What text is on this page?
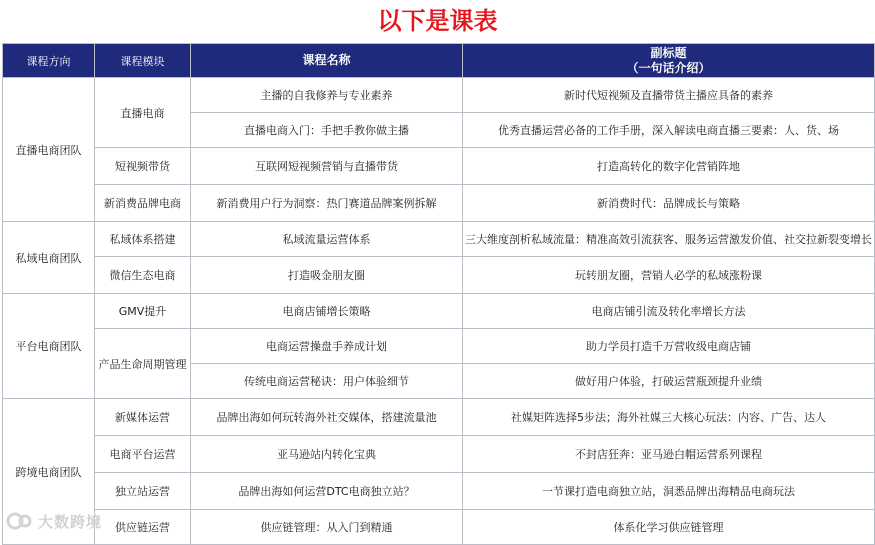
以下是课表
课程方向	课程模块	课程名称	副标题
（一句话介绍）

直播电商团队	直播电商	主播的自我修养与专业素养	新时代短视频及直播带货主播应具备的素养
		直播电商入门：手把手教你做主播	优秀直播运营必备的工作手册，深入解读电商直播三要素：人、货、场
	短视频带货	互联网短视频营销与直播带货	打造高转化的数字化营销阵地
	新消费品牌电商	新消费用户行为洞察：热门赛道品牌案例拆解	新消费时代：品牌成长与策略
私域电商团队	私域体系搭建	私域流量运营体系	三大维度剖析私域流量：精准高效引流获客、服务运营激发价值、社交拉新裂变增长
	微信生态电商	打造吸金朋友圈	玩转朋友圈，营销人必学的私域涨粉课
平台电商团队	GMV提升	电商店铺增长策略	电商店铺引流及转化率增长方法
	产品生命周期管理	电商运营操盘手养成计划	助力学员打造千万营收级电商店铺
		传统电商运营秘诀：用户体验细节	做好用户体验，打破运营瓶颈提升业绩
跨境电商团队	新媒体运营	品牌出海如何玩转海外社交媒体，搭建流量池	社媒矩阵选择5步法；海外社媒三大核心玩法：内容、广告、达人
	电商平台运营	亚马逊站内转化宝典	不封店狂奔：亚马逊白帽运营系列课程
	独立站运营	品牌出海如何运营DTC电商独立站？	一节课打造电商独立站，洞悉品牌出海精品电商玩法
	供应链运营	供应链管理：从入门到精通	体系化学习供应链管理
大数跨境
